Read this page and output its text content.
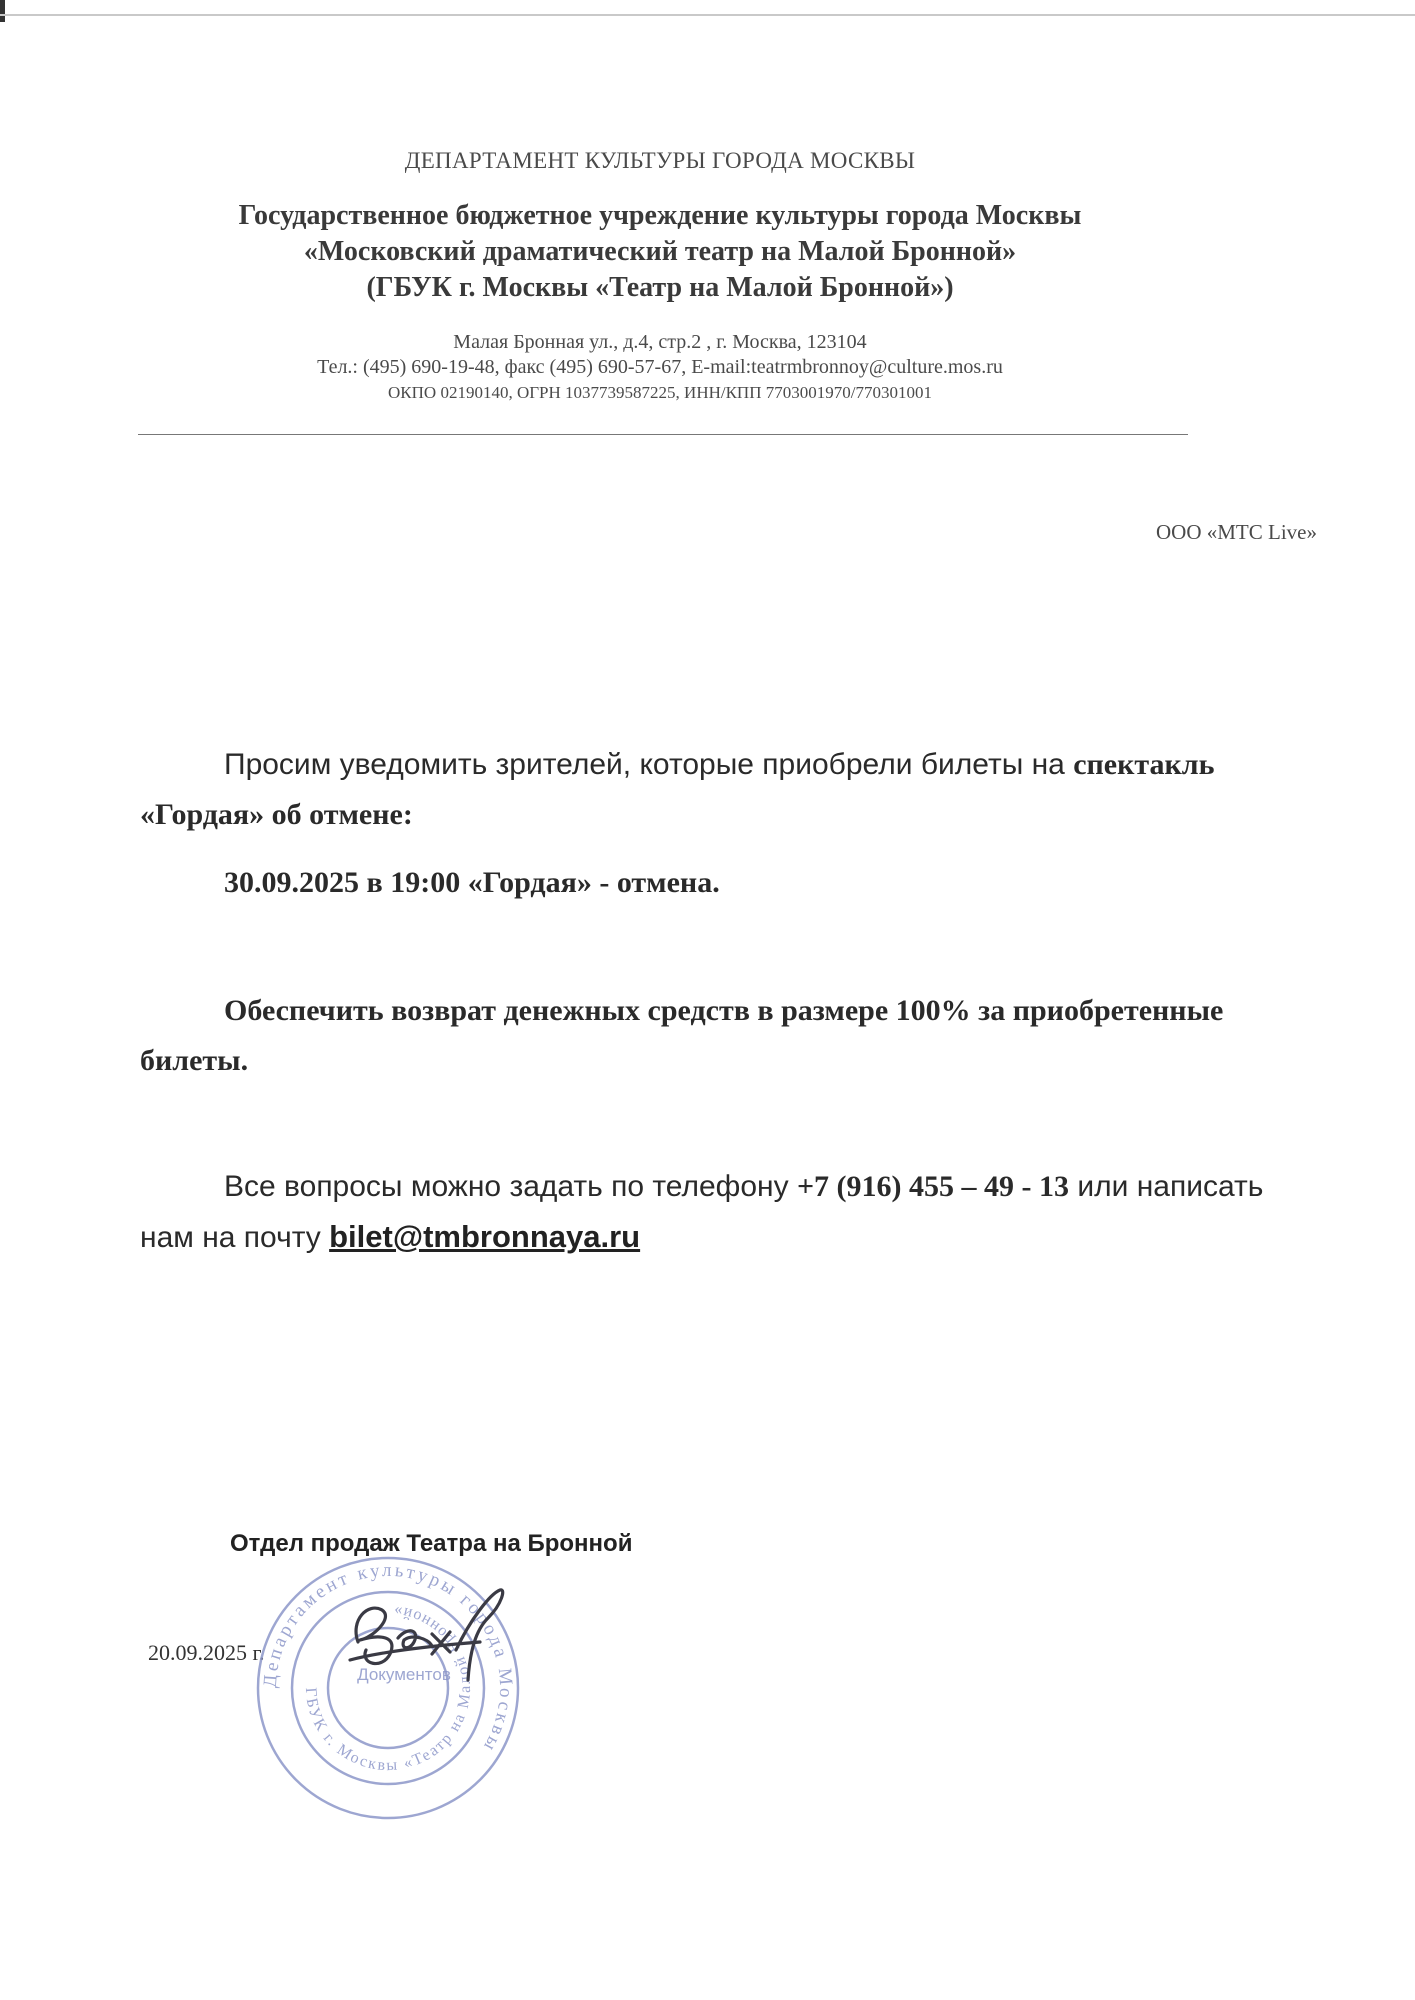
ДЕПАРТАМЕНТ КУЛЬТУРЫ ГОРОДА МОСКВЫ
Государственное бюджетное учреждение культуры города Москвы
«Московский драматический театр на Малой Бронной»
(ГБУК г. Москвы «Театр на Малой Бронной»)
Малая Бронная ул., д.4, стр.2 , г. Москва, 123104
Тел.: (495) 690-19-48, факс (495) 690-57-67, E-mail:teatrmbronnoy@culture.mos.ru
ОКПО 02190140, ОГРН 1037739587225, ИНН/КПП 7703001970/770301001
ООО «МТС Live»
Просим уведомить зрителей, которые приобрели билеты на спектакль «Гордая» об отмене:
30.09.2025 в 19:00 «Гордая» - отмена.
Обеспечить возврат денежных средств в размере 100% за приобретенные билеты.
Все вопросы можно задать по телефону +7 (916) 455 – 49 - 13 или написать нам на почту bilet@tmbronnaya.ru
Отдел продаж Театра на Бронной
20.09.2025 г.
Департамент культуры города Москвы
ГБУК г. Москвы «Театр на Малой Бронной»
Документов
